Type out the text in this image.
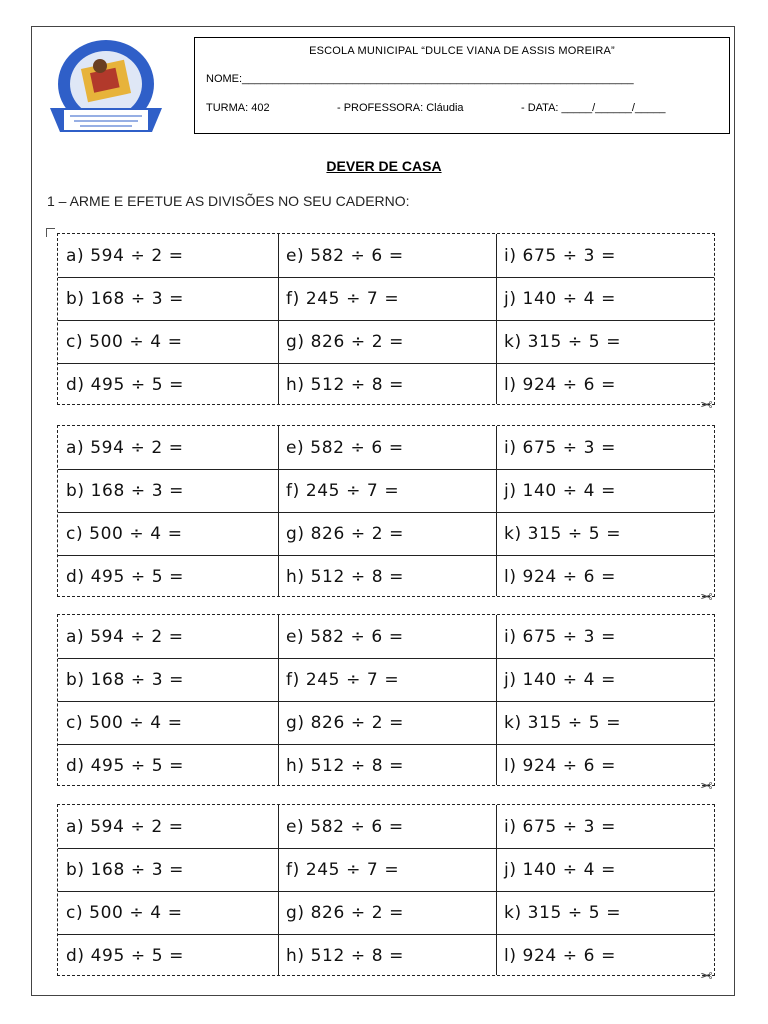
ESCOLA MUNICIPAL “DULCE VIANA DE ASSIS MOREIRA”
NOME:________________________________________________________________
TURMA: 402	- PROFESSORA: Cláudia	- DATA: _____/______/_____
DEVER DE CASA
1 – ARME E EFETUE AS DIVISÕES NO SEU CADERNO:
a) 594 ÷ 2 =
b) 168 ÷ 3 =
c) 500 ÷ 4 =
d) 495 ÷ 5 =
e) 582 ÷ 6 =
f) 245 ÷ 7 =
g) 826 ÷ 2 =
h) 512 ÷ 8 =
i) 675 ÷ 3 =
j) 140 ÷ 4 =
k) 315 ÷ 5 =
l) 924 ÷ 6 =
✂
a) 594 ÷ 2 =
b) 168 ÷ 3 =
c) 500 ÷ 4 =
d) 495 ÷ 5 =
e) 582 ÷ 6 =
f) 245 ÷ 7 =
g) 826 ÷ 2 =
h) 512 ÷ 8 =
i) 675 ÷ 3 =
j) 140 ÷ 4 =
k) 315 ÷ 5 =
l) 924 ÷ 6 =
✂
a) 594 ÷ 2 =
b) 168 ÷ 3 =
c) 500 ÷ 4 =
d) 495 ÷ 5 =
e) 582 ÷ 6 =
f) 245 ÷ 7 =
g) 826 ÷ 2 =
h) 512 ÷ 8 =
i) 675 ÷ 3 =
j) 140 ÷ 4 =
k) 315 ÷ 5 =
l) 924 ÷ 6 =
✂
a) 594 ÷ 2 =
b) 168 ÷ 3 =
c) 500 ÷ 4 =
d) 495 ÷ 5 =
e) 582 ÷ 6 =
f) 245 ÷ 7 =
g) 826 ÷ 2 =
h) 512 ÷ 8 =
i) 675 ÷ 3 =
j) 140 ÷ 4 =
k) 315 ÷ 5 =
l) 924 ÷ 6 =
✂
